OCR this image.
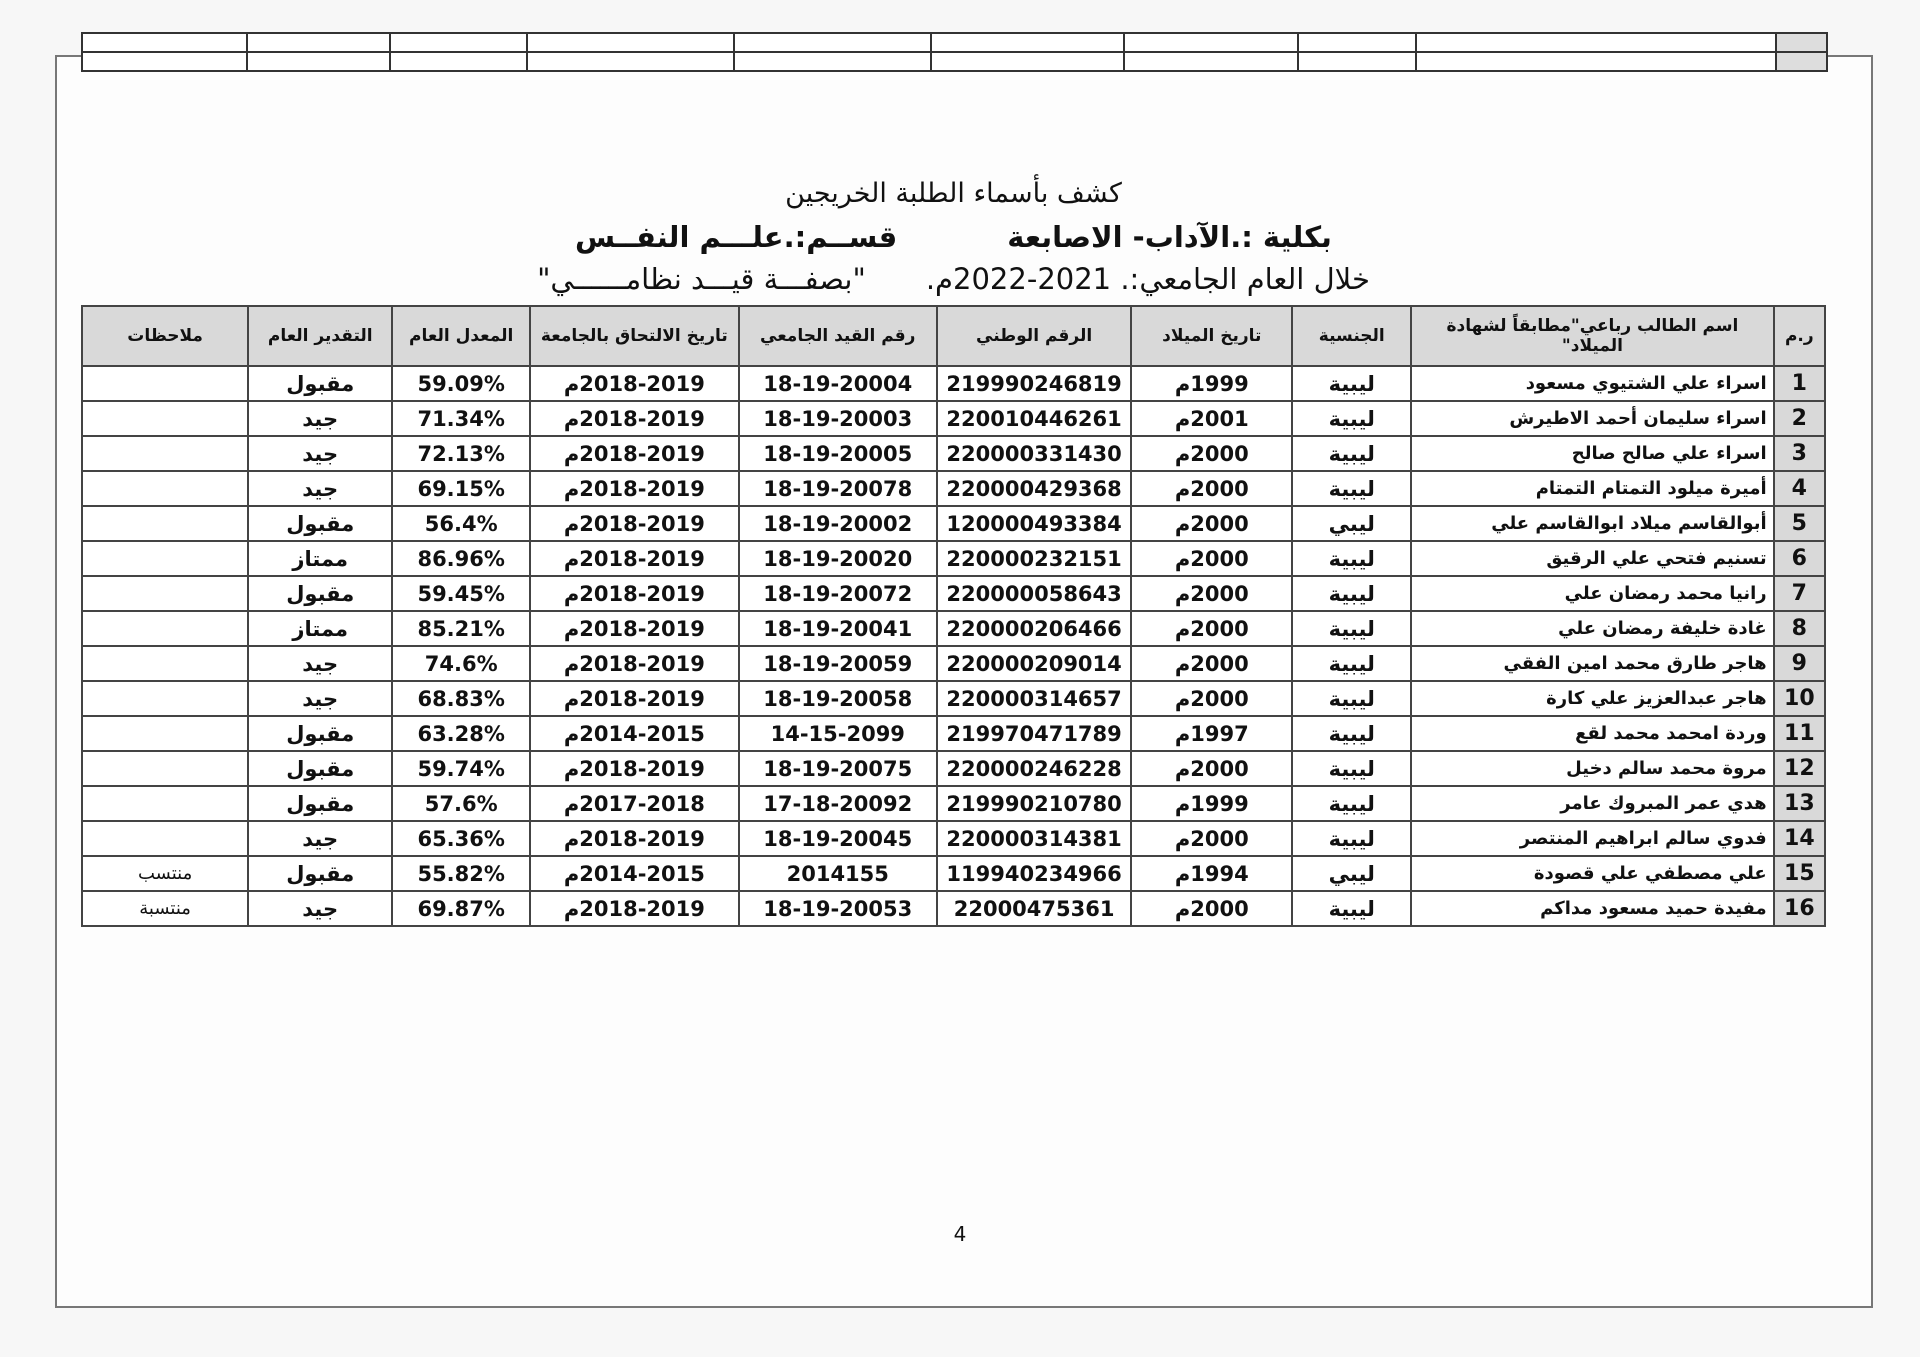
كشف بأسماء الطلبة الخريجين
بكلية :.الآداب- الاصابعةقســم:.علـــم النفــس
خلال العام الجامعي:. 2021-2022م."بصفـــة قيـــد نظامــــــي"
ر.م	اسم الطالب رباعي"مطابقاً لشهادة الميلاد"	الجنسية	تاريخ الميلاد	الرقم الوطني	رقم القيد الجامعي	تاريخ الالتحاق بالجامعة	المعدل العام	التقدير العام	ملاحظات
1	اسراء علي الشتيوي مسعود	ليبية	1999م	219990246819	18-19-20004	2018-2019م	59.09%	مقبول	
2	اسراء سليمان أحمد الاطيرش	ليبية	2001م	220010446261	18-19-20003	2018-2019م	71.34%	جيد	
3	اسراء علي صالح صالح	ليبية	2000م	220000331430	18-19-20005	2018-2019م	72.13%	جيد	
4	أميرة ميلود التمتام التمتام	ليبية	2000م	220000429368	18-19-20078	2018-2019م	69.15%	جيد	
5	أبوالقاسم ميلاد ابوالقاسم علي	ليبي	2000م	120000493384	18-19-20002	2018-2019م	56.4%	مقبول	
6	تسنيم فتحي علي الرقيق	ليبية	2000م	220000232151	18-19-20020	2018-2019م	86.96%	ممتاز	
7	رانيا محمد رمضان علي	ليبية	2000م	220000058643	18-19-20072	2018-2019م	59.45%	مقبول	
8	غادة خليفة رمضان علي	ليبية	2000م	220000206466	18-19-20041	2018-2019م	85.21%	ممتاز	
9	هاجر طارق محمد امين الفقي	ليبية	2000م	220000209014	18-19-20059	2018-2019م	74.6%	جيد	
10	هاجر عبدالعزيز علي كارة	ليبية	2000م	220000314657	18-19-20058	2018-2019م	68.83%	جيد	
11	وردة امحمد محمد لقع	ليبية	1997م	219970471789	14-15-2099	2014-2015م	63.28%	مقبول	
12	مروة محمد سالم دخيل	ليبية	2000م	220000246228	18-19-20075	2018-2019م	59.74%	مقبول	
13	هدي عمر المبروك عامر	ليبية	1999م	219990210780	17-18-20092	2017-2018م	57.6%	مقبول	
14	فدوي سالم ابراهيم المنتصر	ليبية	2000م	220000314381	18-19-20045	2018-2019م	65.36%	جيد	
15	علي مصطفي علي قصودة	ليبي	1994م	119940234966	2014155	2014-2015م	55.82%	مقبول	منتسب
16	مفيدة حميد مسعود مداكم	ليبية	2000م	22000475361	18-19-20053	2018-2019م	69.87%	جيد	منتسبة
4
